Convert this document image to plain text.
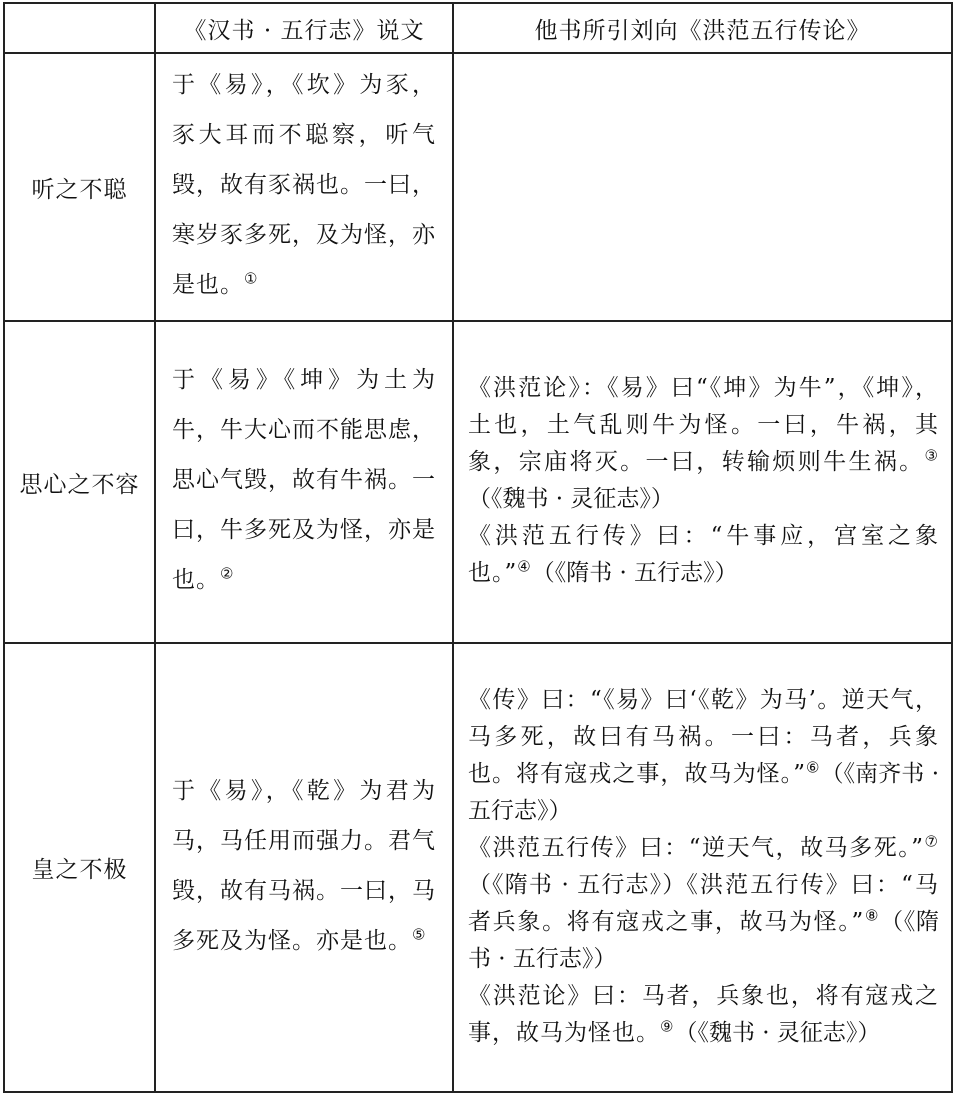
	《汉书 · 五行志》说文	他书所引刘向《洪范五行传论》
听之不聪	于《易》，《坎》为豕，豕大耳而不聪察，听气毁，故有豕祸也。一曰，寒岁豕多死，及为怪，亦是也。①	
思心之不容	于《易》《坤》为土为牛，牛大心而不能思虑，思心气毁，故有牛祸。一曰，牛多死及为怪，亦是也。②	《洪范论》：《易》曰“《坤》为牛”，《坤》，土也，土气乱则牛为怪。一曰，牛祸，其象，宗庙将灭。一曰，转输烦则牛生祸。③（《魏书 · 灵征志》）

《洪范五行传》曰：“牛事应，宫室之象也。”④（《隋书 · 五行志》）

皇之不极	于《易》，《乾》为君为马，马任用而强力。君气毁，故有马祸。一曰，马多死及为怪。亦是也。⑤	《传》曰：“《易》曰‘《乾》为马’。逆天气，马多死，故曰有马祸。一曰：马者，兵象也。将有寇戎之事，故马为怪。”⑥（《南齐书 · 五行志》）

《洪范五行传》曰：“逆天气，故马多死。”⑦（《隋书 · 五行志》）《洪范五行传》曰：“马者兵象。将有寇戎之事，故马为怪。”⑧（《隋书 · 五行志》）

《洪范论》曰：马者，兵象也，将有寇戎之事，故马为怪也。⑨（《魏书 · 灵征志》）
